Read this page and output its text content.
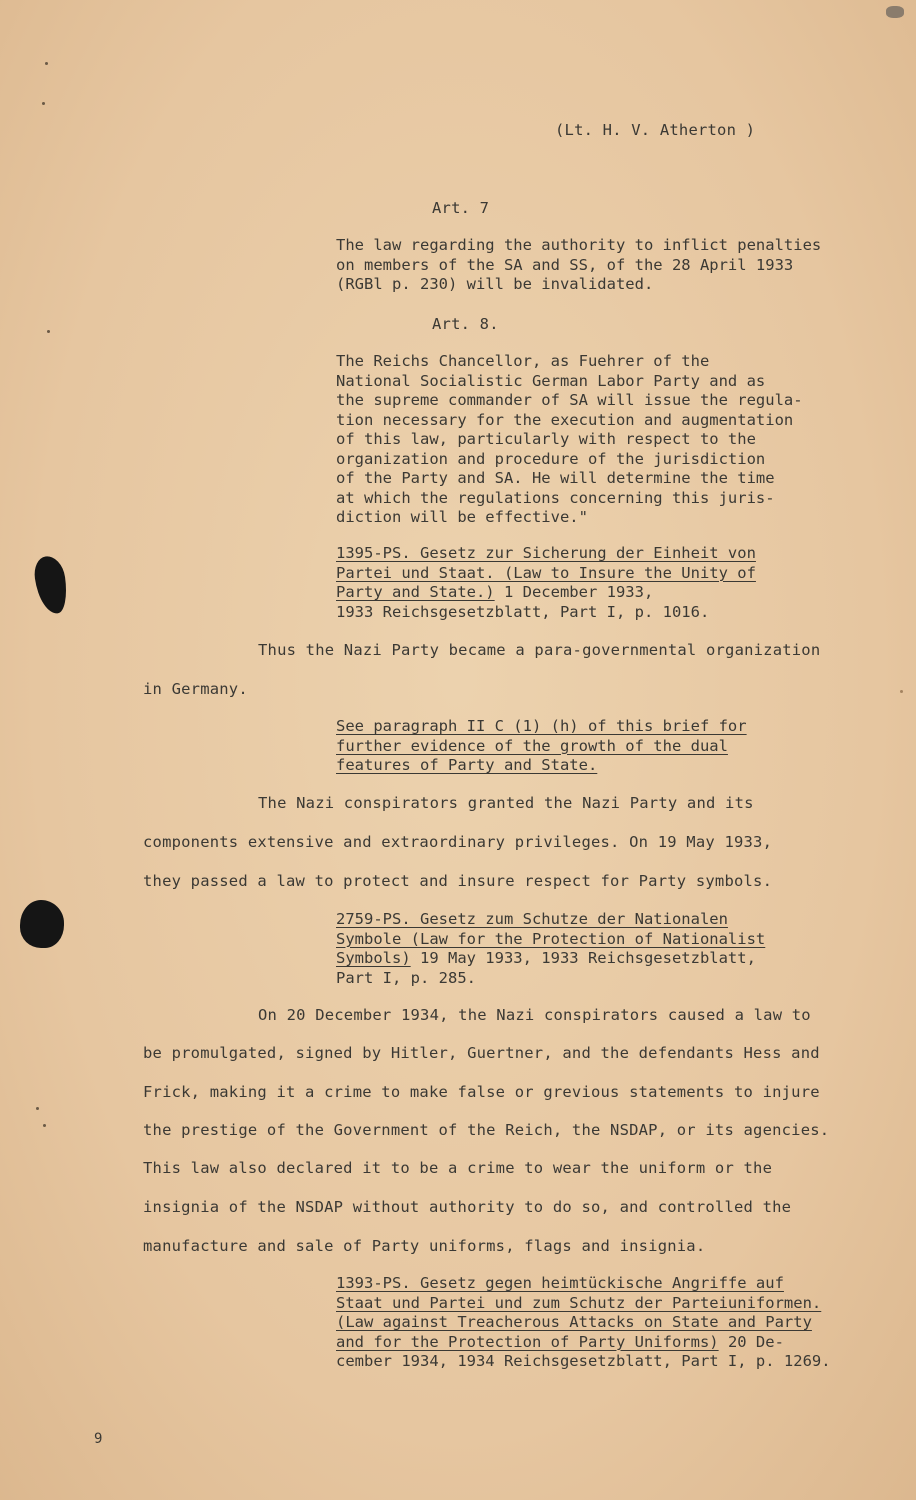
(Lt. H. V. Atherton )
Art. 7
The law regarding the authority to inflict penalties
on members of the SA and SS, of the 28 April 1933
(RGBl p. 230) will be invalidated.
Art. 8.
The Reichs Chancellor, as Fuehrer of the
National Socialistic German Labor Party and as
the supreme commander of SA will issue the regula-
tion necessary for the execution and augmentation
of this law, particularly with respect to the
organization and procedure of the jurisdiction
of the Party and SA. He will determine the time
at which the regulations concerning this juris-
diction will be effective."
1395-PS. Gesetz zur Sicherung der Einheit von
Partei und Staat. (Law to Insure the Unity of
Party and State.) 1 December 1933,
1933 Reichsgesetzblatt, Part I, p. 1016.
Thus the Nazi Party became a para-governmental organization
in Germany.
See paragraph II C (1) (h) of this brief for
further evidence of the growth of the dual
features of Party and State.
The Nazi conspirators granted the Nazi Party and its
components extensive and extraordinary privileges. On 19 May 1933,
they passed a law to protect and insure respect for Party symbols.
2759-PS. Gesetz zum Schutze der Nationalen
Symbole (Law for the Protection of Nationalist
Symbols) 19 May 1933, 1933 Reichsgesetzblatt,
Part I, p. 285.
On 20 December 1934, the Nazi conspirators caused a law to
be promulgated, signed by Hitler, Guertner, and the defendants Hess and
Frick, making it a crime to make false or grevious statements to injure
the prestige of the Government of the Reich, the NSDAP, or its agencies.
This law also declared it to be a crime to wear the uniform or the
insignia of the NSDAP without authority to do so, and controlled the
manufacture and sale of Party uniforms, flags and insignia.
1393-PS. Gesetz gegen heimtückische Angriffe auf
Staat und Partei und zum Schutz der Parteiuniformen.
(Law against Treacherous Attacks on State and Party
and for the Protection of Party Uniforms) 20 De-
cember 1934, 1934 Reichsgesetzblatt, Part I, p. 1269.
9
